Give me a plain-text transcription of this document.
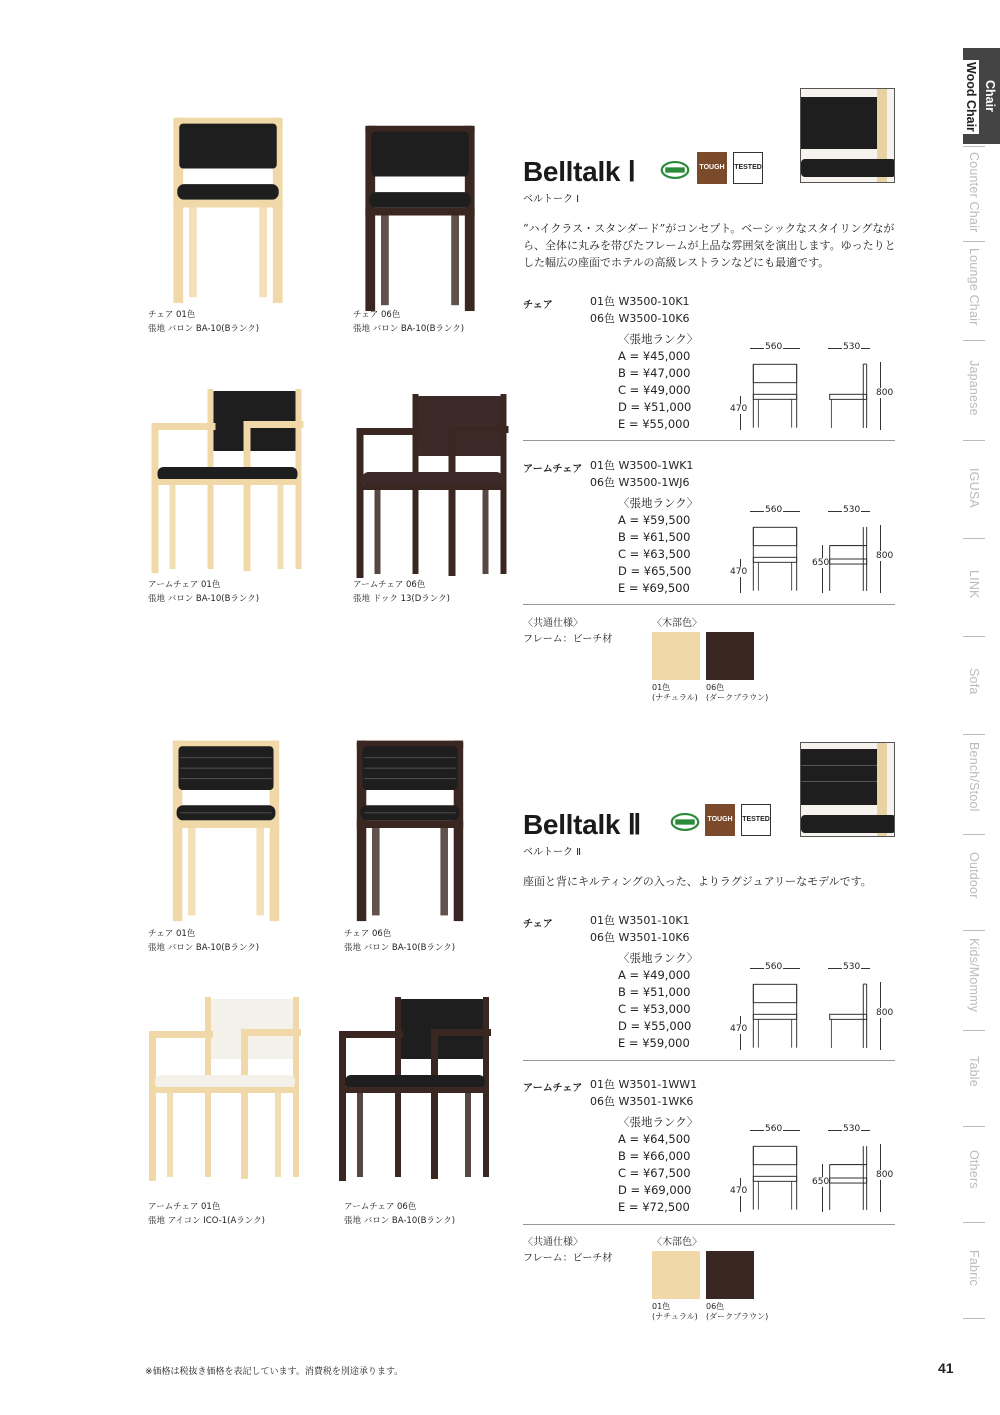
Chair
Wood Chair
Counter Chair
Lounge Chair
Japanese
IGUSA
LINK
Sofa
Bench/Stool
Outdoor
Kids/Mommy
Table
Others
Fabric
チェア 01色
張地 バロン BA-10(Bランク)
チェア 06色
張地 バロン BA-10(Bランク)
アームチェア 01色
張地 バロン BA-10(Bランク)
アームチェア 06色
張地 ドック 13(Dランク)
Belltalk Ⅰ	TOUGH	TESTED
ベルトーク Ⅰ
“ハイクラス・スタンダード”がコンセプト。ベーシックなスタイリングながら、全体に丸みを帯びたフレームが上品な雰囲気を演出します。ゆったりとした幅広の座面でホテルの高級レストランなどにも最適です。
チェア	01色 W3500-10K1
06色 W3500-10K6
〈張地ランク〉
A = ¥45,000
B = ¥47,000
C = ¥49,000
D = ¥51,000
E = ¥55,000
560	530
800
470
アームチェア 01色 W3500-1WK1
06色 W3500-1WJ6
〈張地ランク〉
A = ¥59,500
B = ¥61,500
C = ¥63,500
D = ¥65,500
E = ¥69,500
560	530
800
470
650
〈共通仕様〉
フレーム：ビーチ材
〈木部色〉
01色
(ナチュラル)
06色
(ダークブラウン)
チェア 01色
張地 バロン BA-10(Bランク)
チェア 06色
張地 バロン BA-10(Bランク)
アームチェア 01色
張地 アイコン ICO-1(Aランク)
アームチェア 06色
張地 バロン BA-10(Bランク)
Belltalk Ⅱ	TOUGH	TESTED
ベルトーク Ⅱ
座面と背にキルティングの入った、よりラグジュアリーなモデルです。
チェア	01色 W3501-10K1
06色 W3501-10K6
〈張地ランク〉
A = ¥49,000
B = ¥51,000
C = ¥53,000
D = ¥55,000
E = ¥59,000
560	530
800
470
アームチェア 01色 W3501-1WW1
06色 W3501-1WK6
〈張地ランク〉
A = ¥64,500
B = ¥66,000
C = ¥67,500
D = ¥69,000
E = ¥72,500
560	530
800
470
650
〈共通仕様〉
フレーム：ビーチ材
〈木部色〉
01色
(ナチュラル)
06色
(ダークブラウン)
※価格は税抜き価格を表記しています。消費税を別途承ります。	41
